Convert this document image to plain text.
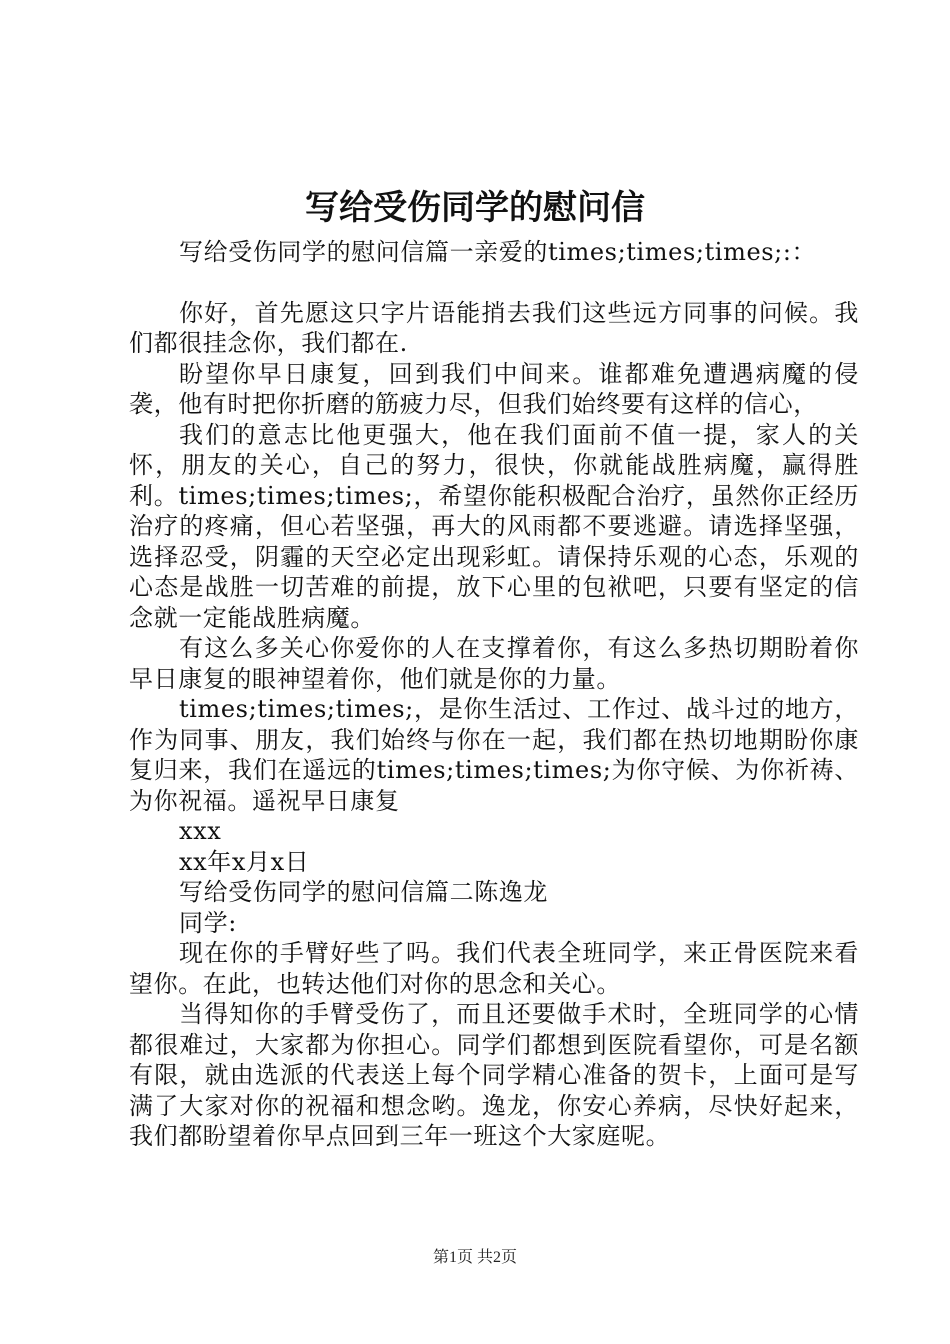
写给受伤同学的慰问信

写给受伤同学的慰问信篇一亲爱的times;times;times;:：

你好，首先愿这只字片语能捎去我们这些远方同事的问候。我们都很挂念你，我们都在.

盼望你早日康复，回到我们中间来。谁都难免遭遇病魔的侵袭，他有时把你折磨的筋疲力尽，但我们始终要有这样的信心，

我们的意志比他更强大，他在我们面前不值一提，家人的关怀，朋友的关心，自己的努力，很快，你就能战胜病魔，赢得胜利。times;times;times;，希望你能积极配合治疗，虽然你正经历治疗的疼痛，但心若坚强，再大的风雨都不要逃避。请选择坚强，选择忍受，阴霾的天空必定出现彩虹。请保持乐观的心态，乐观的心态是战胜一切苦难的前提，放下心里的包袱吧，只要有坚定的信念就一定能战胜病魔。

有这么多关心你爱你的人在支撑着你，有这么多热切期盼着你早日康复的眼神望着你，他们就是你的力量。

times;times;times;，是你生活过、工作过、战斗过的地方，作为同事、朋友，我们始终与你在一起，我们都在热切地期盼你康复归来，我们在遥远的times;times;times;为你守候、为你祈祷、为你祝福。遥祝早日康复

xxx

xx年x月x日

写给受伤同学的慰问信篇二陈逸龙

同学:

现在你的手臂好些了吗。我们代表全班同学，来正骨医院来看望你。在此，也转达他们对你的思念和关心。

当得知你的手臂受伤了，而且还要做手术时，全班同学的心情都很难过，大家都为你担心。同学们都想到医院看望你，可是名额有限，就由选派的代表送上每个同学精心准备的贺卡，上面可是写满了大家对你的祝福和想念哟。逸龙，你安心养病，尽快好起来，我们都盼望着你早点回到三年一班这个大家庭呢。

第1页 共2页
